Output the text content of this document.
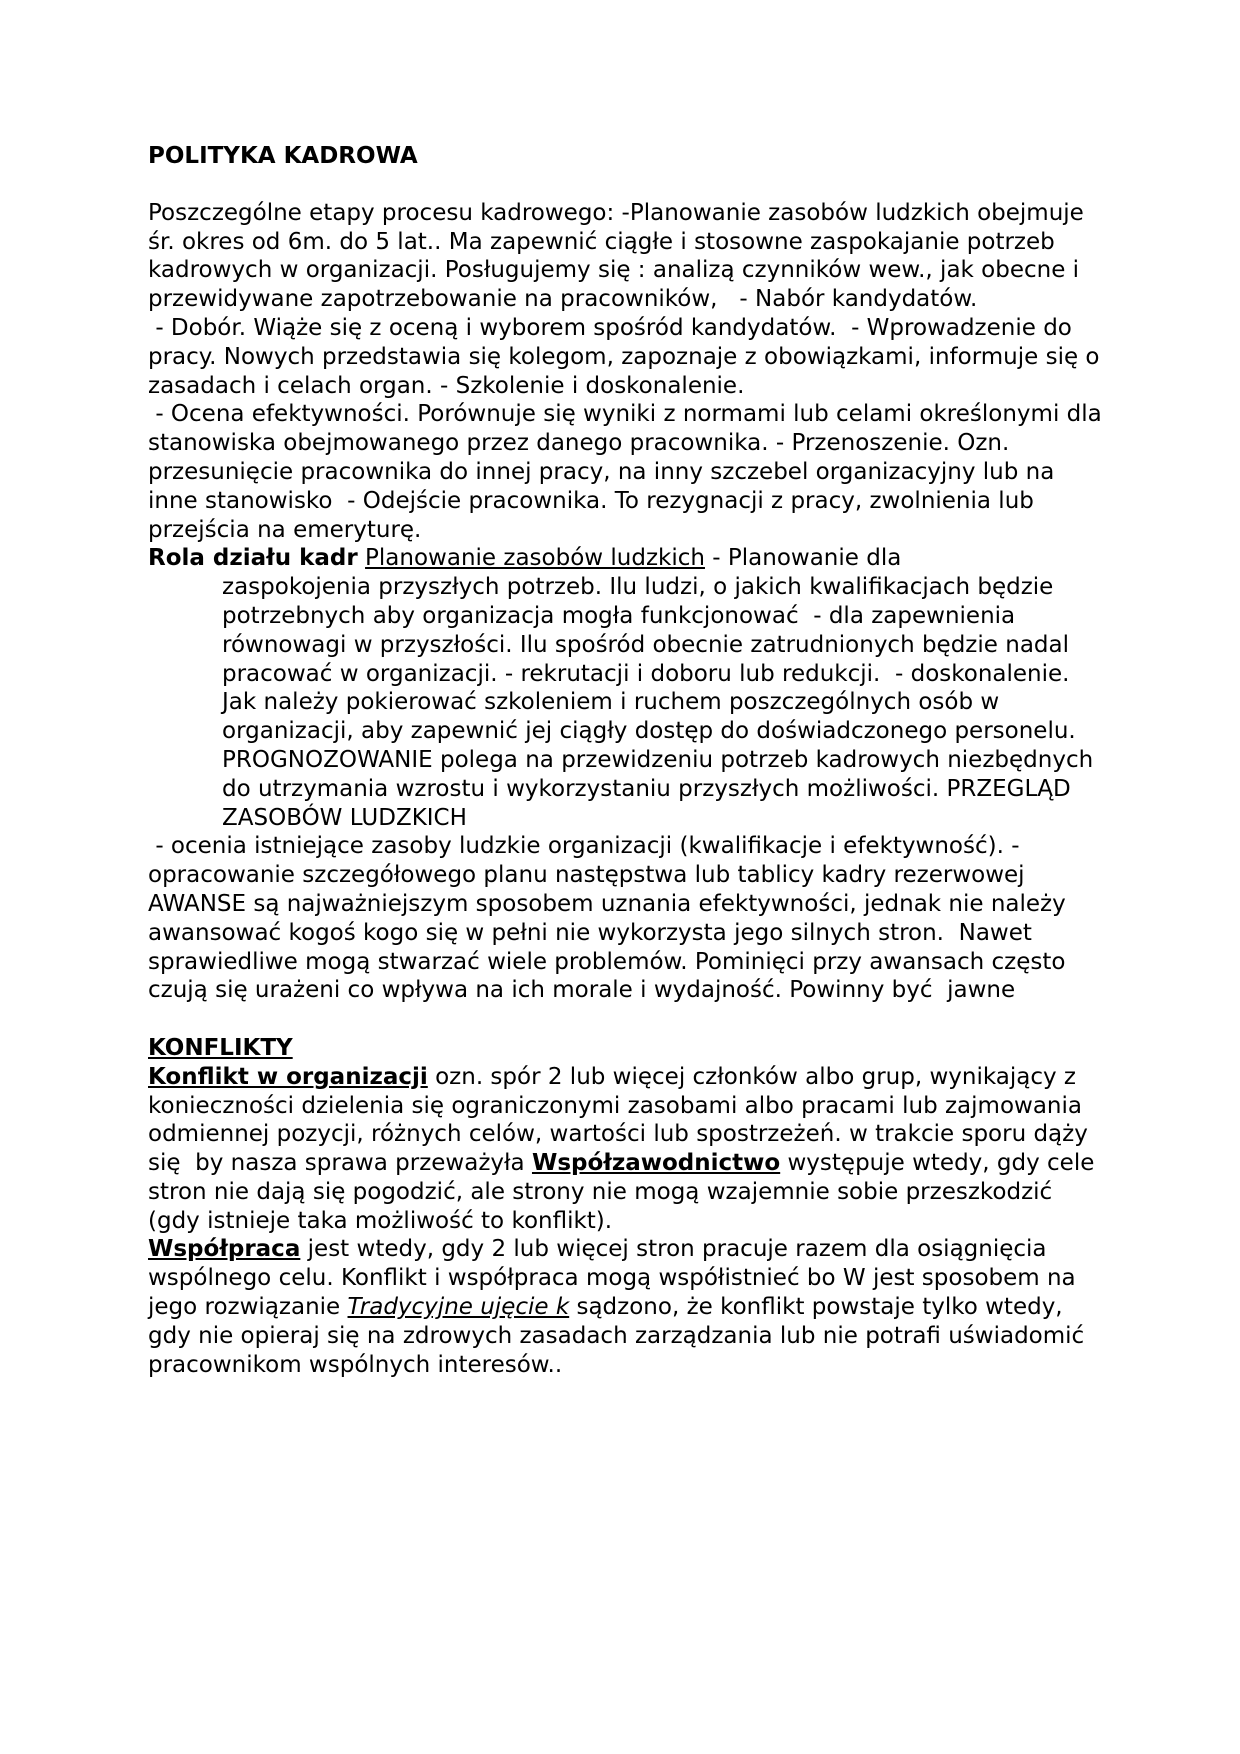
POLITYKA KADROWA

Poszczególne etapy procesu kadrowego: -Planowanie zasobów ludzkich obejmuje śr. okres od 6m. do 5 lat.. Ma zapewnić ciągłe i stosowne zaspokajanie potrzeb kadrowych w organizacji. Posługujemy się : analizą czynników wew., jak obecne i przewidywane zapotrzebowanie na pracowników,   - Nabór kandydatów.

- Dobór. Wiąże się z oceną i wyborem spośród kandydatów.  - Wprowadzenie do pracy. Nowych przedstawia się kolegom, zapoznaje z obowiązkami, informuje się o zasadach i celach organ. - Szkolenie i doskonalenie.

- Ocena efektywności. Porównuje się wyniki z normami lub celami określonymi dla stanowiska obejmowanego przez danego pracownika. - Przenoszenie. Ozn. przesunięcie pracownika do innej pracy, na inny szczebel organizacyjny lub na inne stanowisko  - Odejście pracownika. To rezygnacji z pracy, zwolnienia lub przejścia na emeryturę.

Rola działu kadr Planowanie zasobów ludzkich - Planowanie dla

zaspokojenia przyszłych potrzeb. Ilu ludzi, o jakich kwalifikacjach będzie potrzebnych aby organizacja mogła funkcjonować  - dla zapewnienia równowagi w przyszłości. Ilu spośród obecnie zatrudnionych będzie nadal pracować w organizacji. - rekrutacji i doboru lub redukcji.  - doskonalenie. Jak należy pokierować szkoleniem i ruchem poszczególnych osób w organizacji, aby zapewnić jej ciągły dostęp do doświadczonego personelu. PROGNOZOWANIE polega na przewidzeniu potrzeb kadrowych niezbędnych do utrzymania wzrostu i wykorzystaniu przyszłych możliwości. PRZEGLĄD ZASOBÓW LUDZKICH

- ocenia istniejące zasoby ludzkie organizacji (kwalifikacje i efektywność). - opracowanie szczegółowego planu następstwa lub tablicy kadry rezerwowej AWANSE są najważniejszym sposobem uznania efektywności, jednak nie należy awansować kogoś kogo się w pełni nie wykorzysta jego silnych stron.  Nawet sprawiedliwe mogą stwarzać wiele problemów. Pominięci przy awansach często czują się urażeni co wpływa na ich morale i wydajność. Powinny być  jawne

KONFLIKTY

Konflikt w organizacji ozn. spór 2 lub więcej członków albo grup, wynikający z konieczności dzielenia się ograniczonymi zasobami albo pracami lub zajmowania odmiennej pozycji, różnych celów, wartości lub spostrzeżeń. w trakcie sporu dąży się  by nasza sprawa przeważyła Współzawodnictwo występuje wtedy, gdy cele stron nie dają się pogodzić, ale strony nie mogą wzajemnie sobie przeszkodzić (gdy istnieje taka możliwość to konflikt).

Współpraca jest wtedy, gdy 2 lub więcej stron pracuje razem dla osiągnięcia wspólnego celu. Konflikt i współpraca mogą współistnieć bo W jest sposobem na jego rozwiązanie Tradycyjne ujęcie k sądzono, że konflikt powstaje tylko wtedy, gdy nie opieraj się na zdrowych zasadach zarządzania lub nie potrafi uświadomić pracownikom wspólnych interesów..
